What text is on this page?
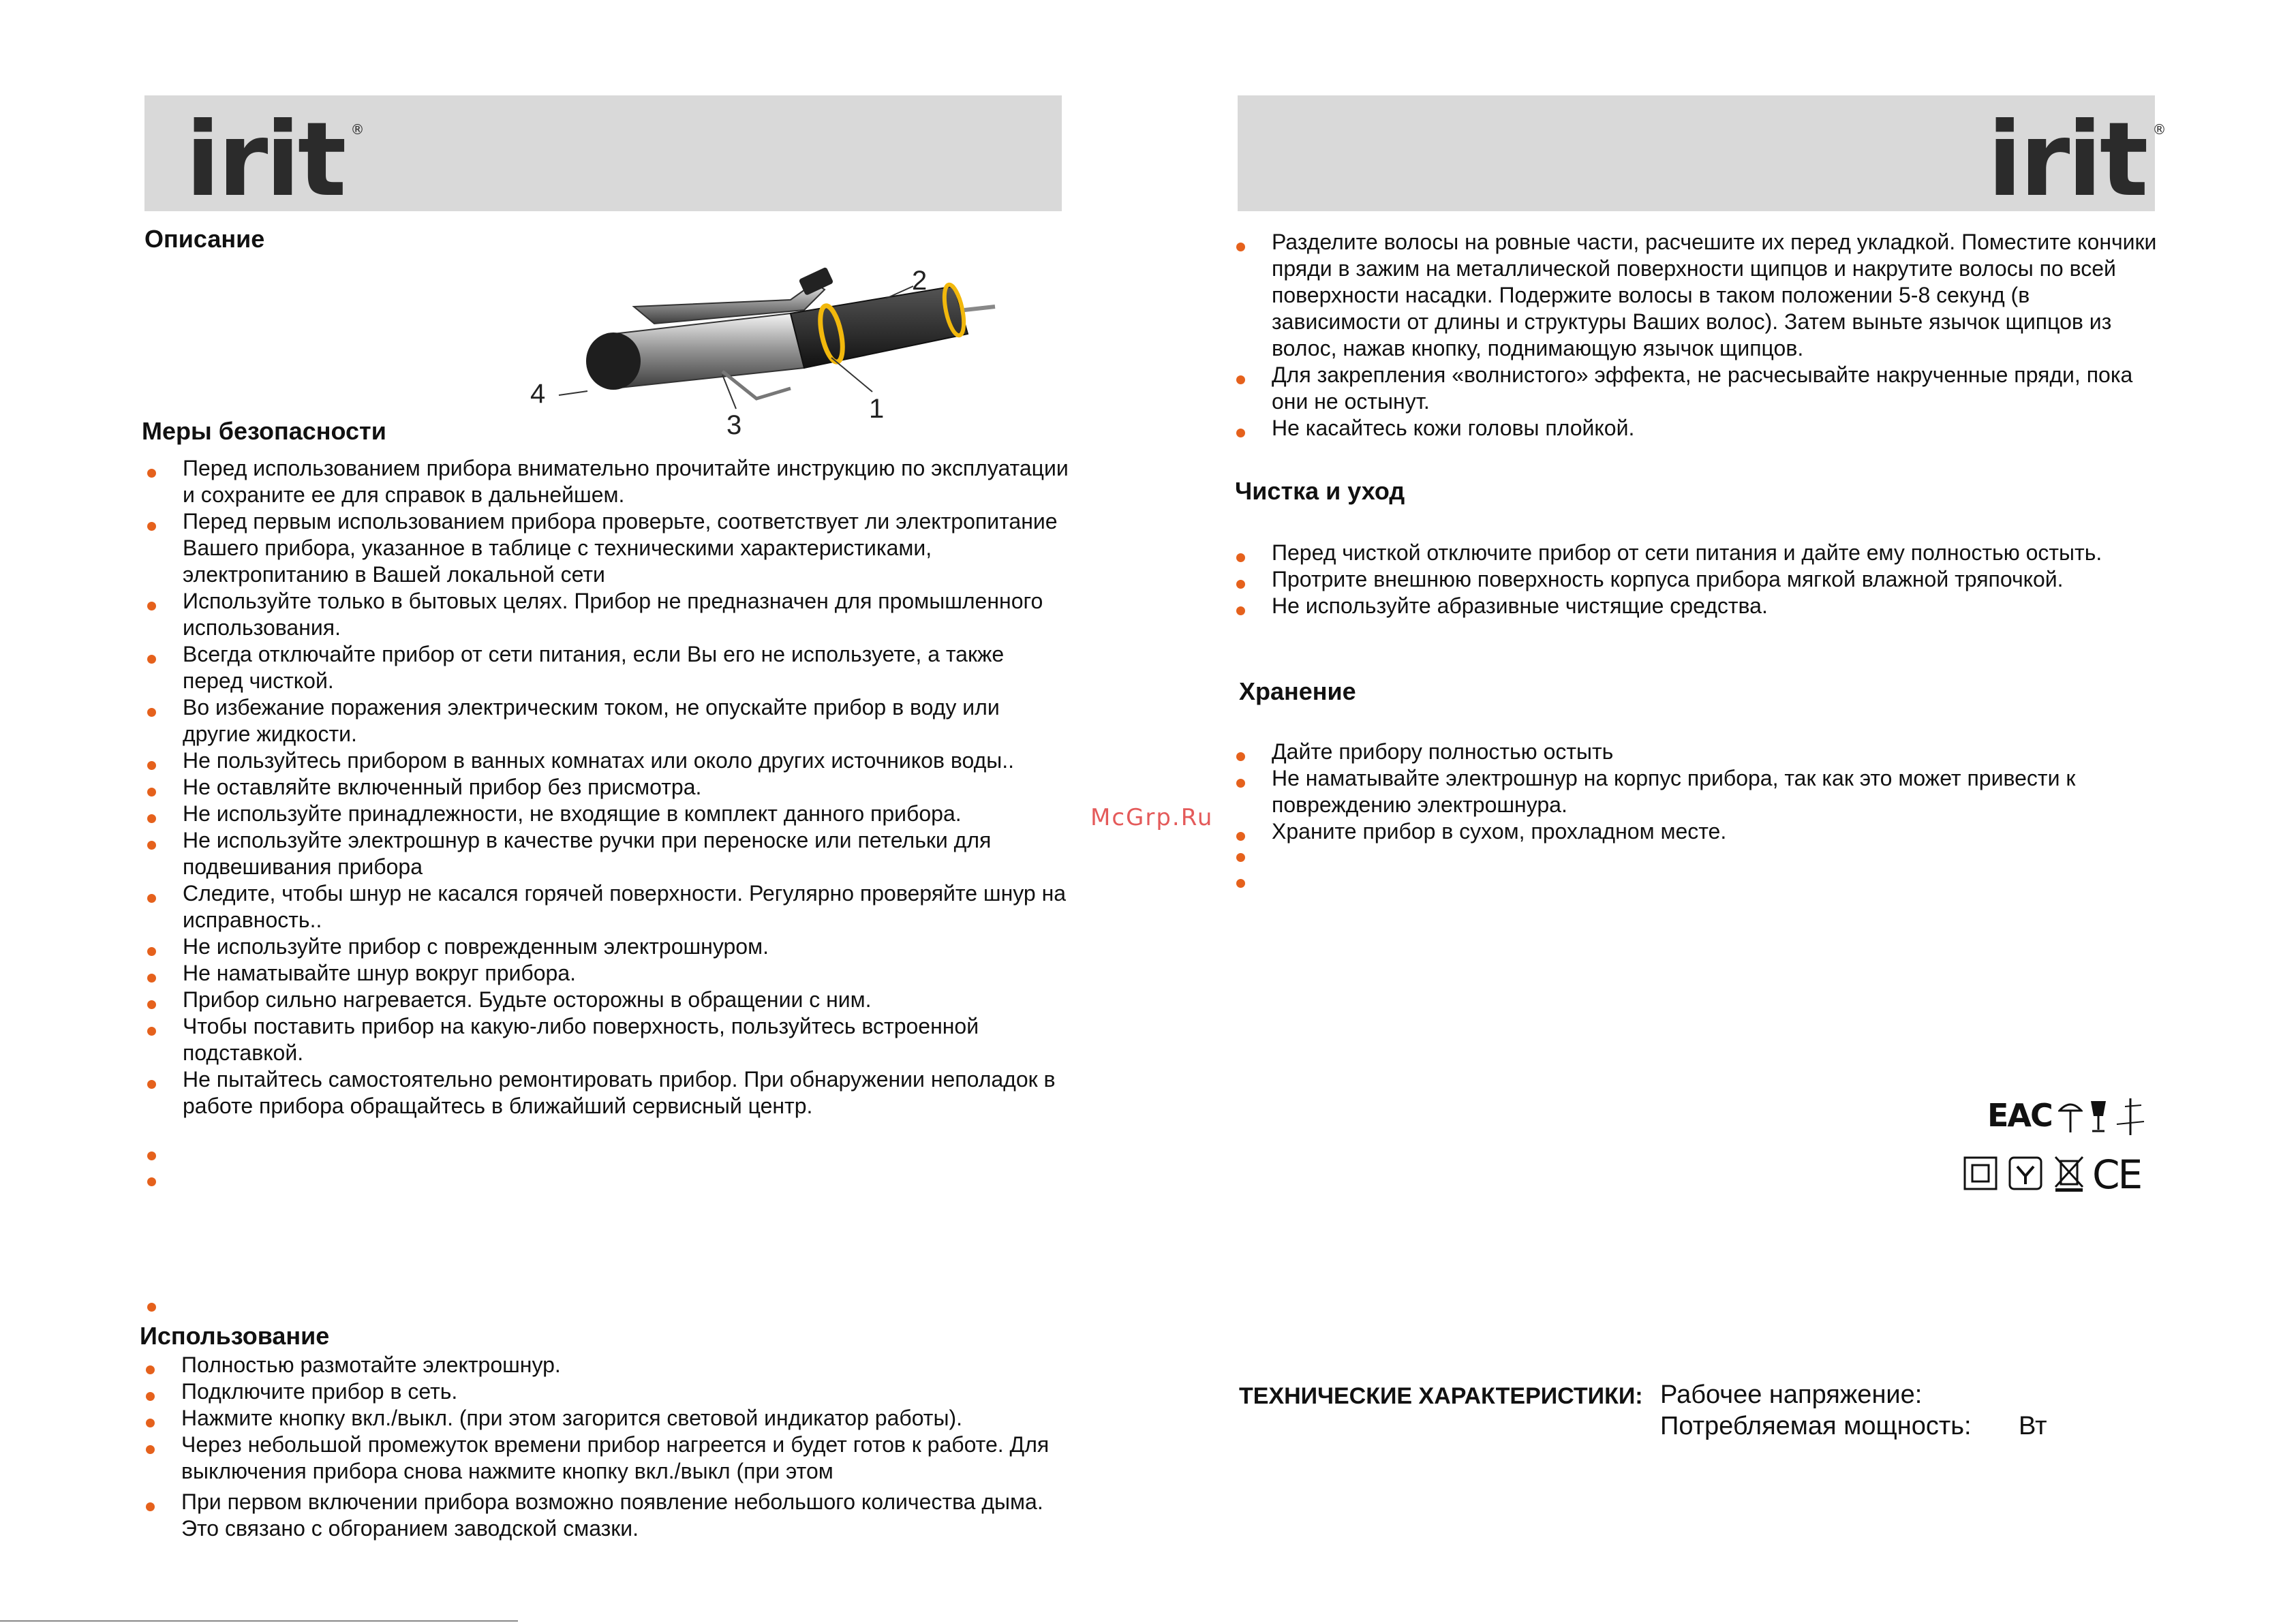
irit ®	irit ®
Описание
1
2
3
4
Меры безопасности
Перед использованием прибора внимательно прочитайте инструкцию по эксплуатации и сохраните ее для справок в дальнейшем.
Перед первым использованием прибора проверьте, соответствует ли электропитание Вашего прибора, указанное в таблице с техническими характеристиками, электропитанию в Вашей локальной сети
Используйте только в бытовых целях. Прибор не предназначен для промышленного использования.
Всегда отключайте прибор от сети питания, если Вы его не используете, а также перед чисткой.
Во избежание поражения электрическим током, не опускайте прибор в воду или другие жидкости.
Не пользуйтесь прибором в ванных комнатах или около других источников воды..
Не оставляйте включенный прибор без присмотра.
Не используйте принадлежности, не входящие в комплект данного прибора.
Не используйте электрошнур в качестве ручки при переноске или петельки для подвешивания прибора
Следите, чтобы шнур не касался горячей поверхности. Регулярно проверяйте шнур на исправность..
Не используйте прибор с поврежденным электрошнуром.
Не наматывайте шнур вокруг прибора.
Прибор сильно нагревается. Будьте осторожны в обращении с ним.
Чтобы поставить прибор на какую-либо поверхность, пользуйтесь встроенной подставкой.
Не пытайтесь самостоятельно ремонтировать прибор. При обнаружении неполадок в работе прибора обращайтесь в ближайший сервисный центр.
Использование
Полностью размотайте электрошнур.
Подключите прибор в сеть.
Нажмите кнопку вкл./выкл. (при этом загорится световой индикатор работы).
Через небольшой промежуток времени прибор нагреется и будет готов к работе. Для выключения прибора снова нажмите кнопку вкл./выкл (при этом
При первом включении прибора возможно появление небольшого количества дыма. Это связано с обгоранием заводской смазки.
McGrp.Ru
Разделите волосы на ровные части, расчешите их перед укладкой. Поместите кончики пряди в зажим на металлической поверхности щипцов и накрутите волосы по всей поверхности насадки. Подержите волосы в таком положении 5-8 секунд (в зависимости от длины и структуры Ваших волос). Затем выньте язычок щипцов из волос, нажав кнопку, поднимающую язычок щипцов.
Для закрепления «волнистого» эффекта, не расчесывайте накрученные пряди, пока они не остынут.
Не касайтесь кожи головы плойкой.
Чистка и уход
Перед чисткой отключите прибор от сети питания и дайте ему полностью остыть.
Протрите внешнюю поверхность корпуса прибора мягкой влажной тряпочкой.
Не используйте абразивные чистящие средства.
Хранение
Дайте прибору полностью остыть
Не наматывайте электрошнур на корпус прибора, так как это может привести к повреждению электрошнура.
Храните прибор в сухом, прохладном месте.
EAC
CE
ТЕХНИЧЕСКИЕ ХАРАКТЕРИСТИКИ: Рабочее напряжение:
Потребляемая мощность: Вт
